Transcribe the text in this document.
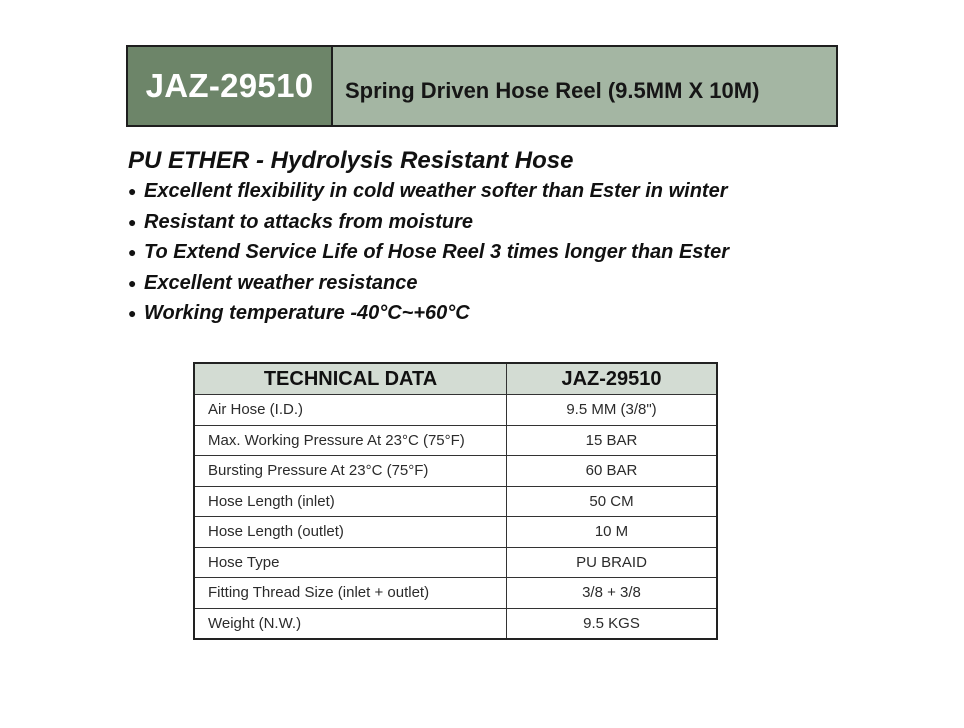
JAZ-29510	Spring Driven Hose Reel (9.5MM X 10M)
PU ETHER - Hydrolysis Resistant Hose
● Excellent flexibility in cold weather softer than Ester in winter
● Resistant to attacks from moisture
● To Extend Service Life of Hose Reel 3 times longer than Ester
● Excellent weather resistance
● Working temperature -40°C~+60°C
TECHNICAL DATA	JAZ-29510
Air Hose (I.D.)	9.5 MM (3/8")
Max. Working Pressure At 23°C (75°F)	15 BAR
Bursting Pressure At 23°C (75°F)	60 BAR
Hose Length (inlet)	50 CM
Hose Length (outlet)	10 M
Hose Type	PU BRAID
Fitting Thread Size (inlet + outlet)	3/8 + 3/8
Weight (N.W.)	9.5 KGS
